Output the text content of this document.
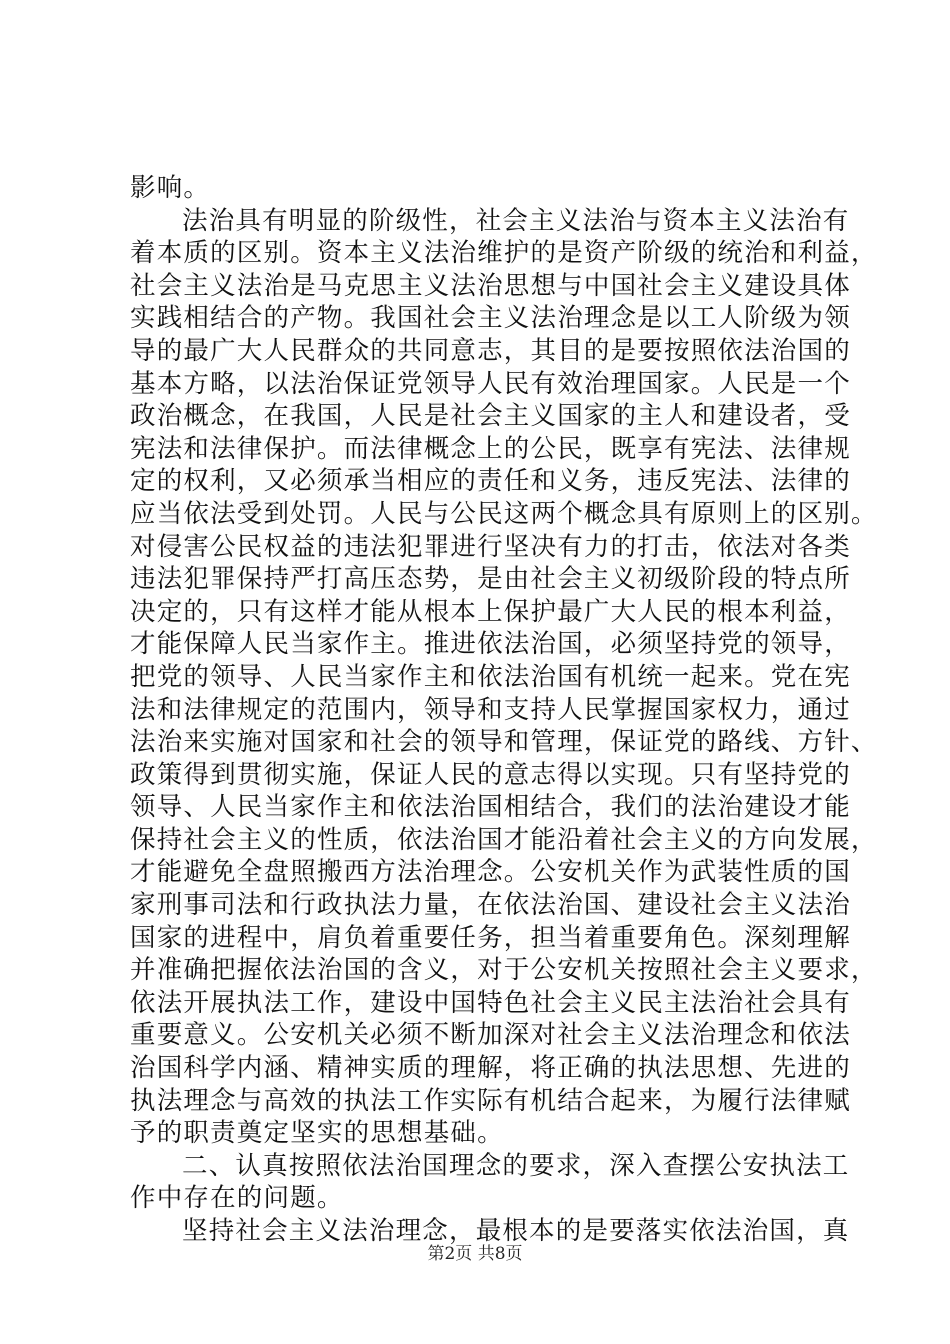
影响。
法治具有明显的阶级性，社会主义法治与资本主义法治有
着本质的区别。资本主义法治维护的是资产阶级的统治和利益，
社会主义法治是马克思主义法治思想与中国社会主义建设具体
实践相结合的产物。我国社会主义法治理念是以工人阶级为领
导的最广大人民群众的共同意志，其目的是要按照依法治国的
基本方略，以法治保证党领导人民有效治理国家。人民是一个
政治概念，在我国，人民是社会主义国家的主人和建设者，受
宪法和法律保护。而法律概念上的公民，既享有宪法、法律规
定的权利，又必须承当相应的责任和义务，违反宪法、法律的
应当依法受到处罚。人民与公民这两个概念具有原则上的区别。
对侵害公民权益的违法犯罪进行坚决有力的打击，依法对各类
违法犯罪保持严打高压态势，是由社会主义初级阶段的特点所
决定的，只有这样才能从根本上保护最广大人民的根本利益，
才能保障人民当家作主。推进依法治国，必须坚持党的领导，
把党的领导、人民当家作主和依法治国有机统一起来。党在宪
法和法律规定的范围内，领导和支持人民掌握国家权力，通过
法治来实施对国家和社会的领导和管理，保证党的路线、方针、
政策得到贯彻实施，保证人民的意志得以实现。只有坚持党的
领导、人民当家作主和依法治国相结合，我们的法治建设才能
保持社会主义的性质，依法治国才能沿着社会主义的方向发展，
才能避免全盘照搬西方法治理念。公安机关作为武装性质的国
家刑事司法和行政执法力量，在依法治国、建设社会主义法治
国家的进程中，肩负着重要任务，担当着重要角色。深刻理解
并准确把握依法治国的含义，对于公安机关按照社会主义要求，
依法开展执法工作，建设中国特色社会主义民主法治社会具有
重要意义。公安机关必须不断加深对社会主义法治理念和依法
治国科学内涵、精神实质的理解，将正确的执法思想、先进的
执法理念与高效的执法工作实际有机结合起来，为履行法律赋
予的职责奠定坚实的思想基础。
二、认真按照依法治国理念的要求，深入查摆公安执法工
作中存在的问题。
坚持社会主义法治理念，最根本的是要落实依法治国，真
第2页 共8页
